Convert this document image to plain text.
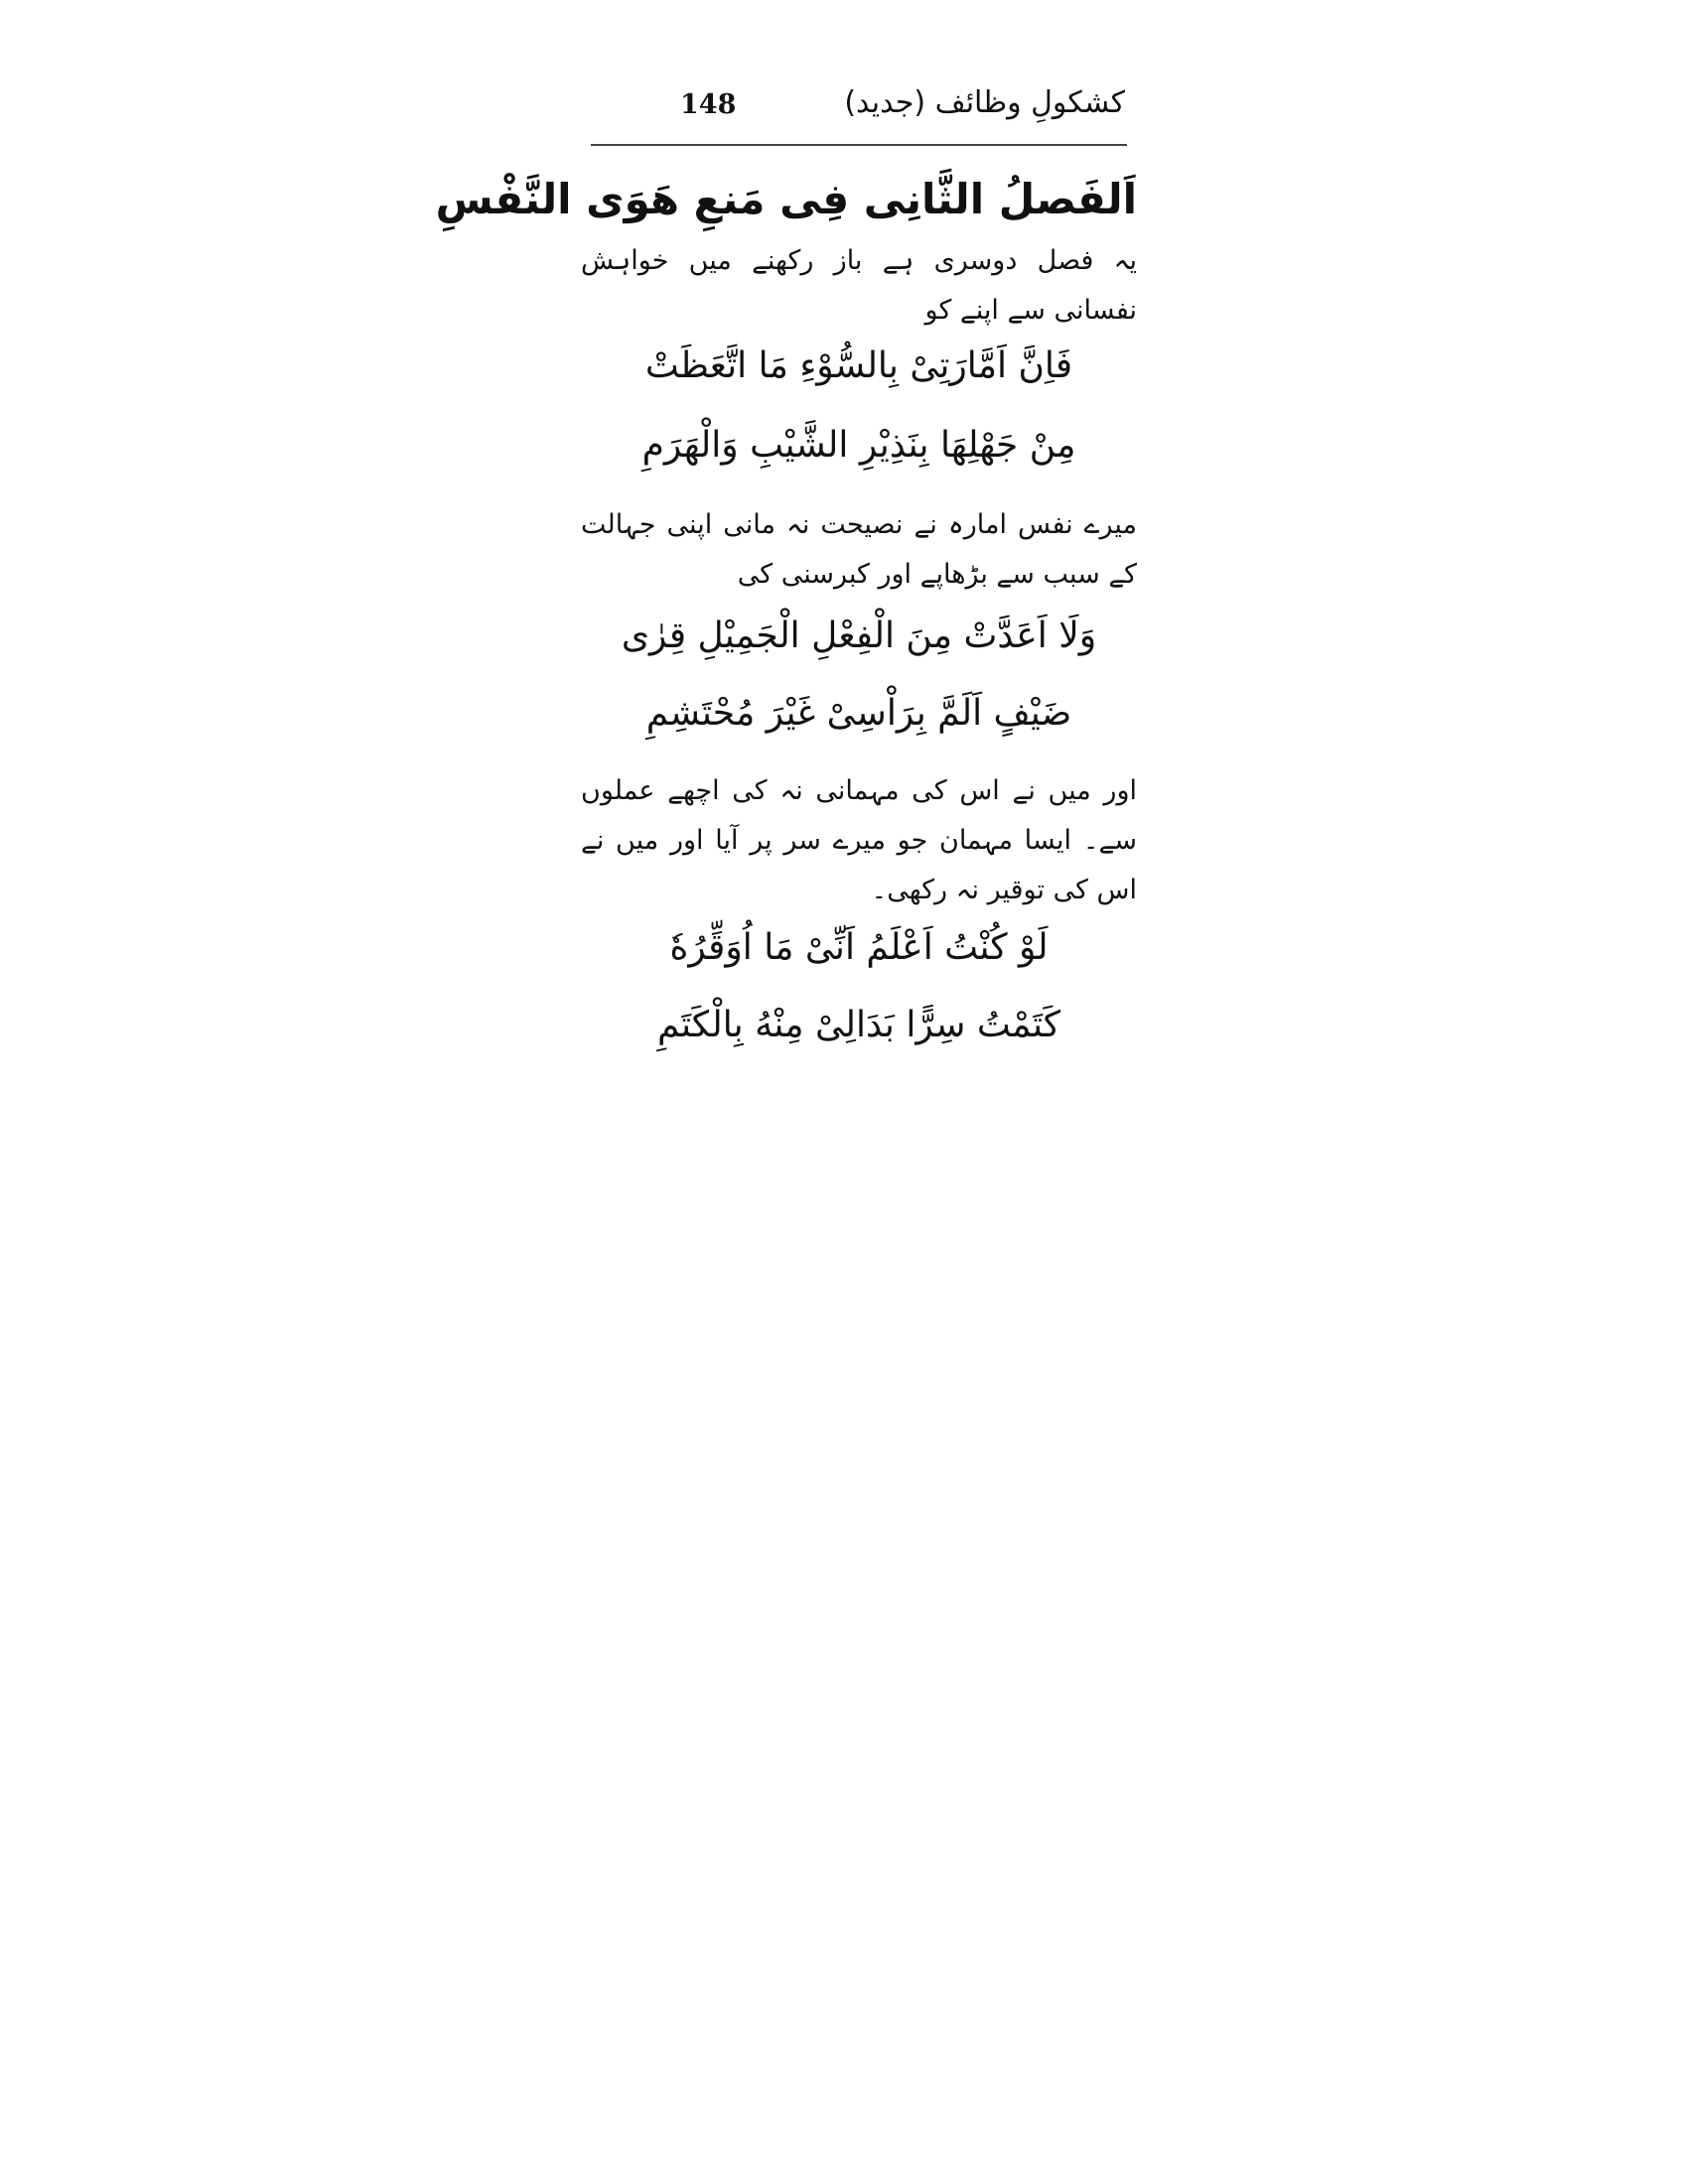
148	کشکولِ وظائف (جدید)
اَلفَصلُ الثَّانِی فِی مَنعِ هَوَی النَّفْسِ

یہ فصل دوسری ہے باز رکھنے میں خواہش نفسانی سے اپنے کو

فَاِنَّ اَمَّارَتِیْ بِالسُّوْءِ مَا اتَّعَظَتْ
مِنْ جَهْلِهَا بِنَذِیْرِ الشَّیْبِ وَالْهَرَمِ

میرے نفس امارہ نے نصیحت نہ مانی اپنی جہالت کے سبب سے بڑھاپے اور کبرسنی کی

وَلَا اَعَدَّتْ مِنَ الْفِعْلِ الْجَمِیْلِ قِرٰی
ضَیْفٍ اَلَمَّ بِرَاْسِیْ غَیْرَ مُحْتَشِمِ

اور میں نے اس کی مہمانی نہ کی اچھے عملوں سے۔ ایسا مہمان جو میرے سر پر آیا اور میں نے اس کی توقیر نہ رکھی۔

لَوْ کُنْتُ اَعْلَمُ اَنِّیْ مَا اُوَقِّرُهٗ
کَتَمْتُ سِرًّا بَدَالِیْ مِنْهُ بِالْکَتَمِ
